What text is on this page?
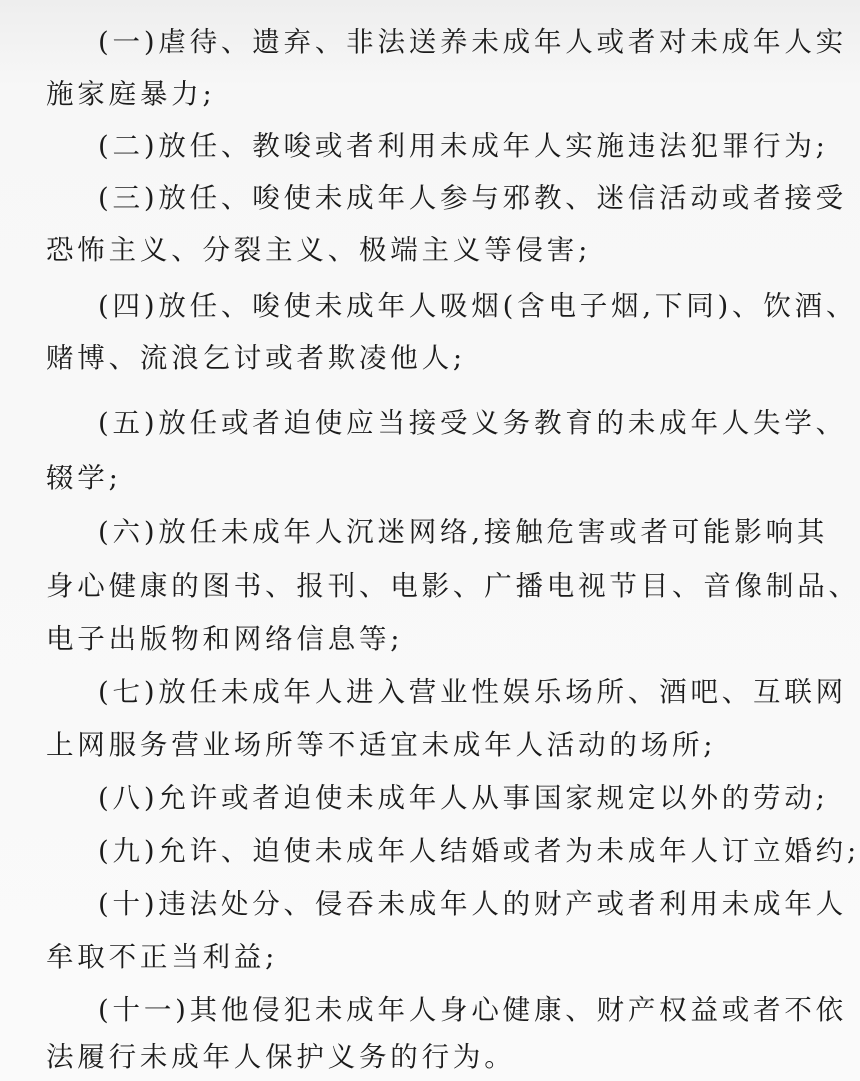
(一)虐待、遗弃、非法送养未成年人或者对未成年人实
施家庭暴力;
(二)放任、教唆或者利用未成年人实施违法犯罪行为;
(三)放任、唆使未成年人参与邪教、迷信活动或者接受
恐怖主义、分裂主义、极端主义等侵害;
(四)放任、唆使未成年人吸烟(含电子烟,下同)、饮酒、
赌博、流浪乞讨或者欺凌他人;
(五)放任或者迫使应当接受义务教育的未成年人失学、
辍学;
(六)放任未成年人沉迷网络,接触危害或者可能影响其
身心健康的图书、报刊、电影、广播电视节目、音像制品、
电子出版物和网络信息等;
(七)放任未成年人进入营业性娱乐场所、酒吧、互联网
上网服务营业场所等不适宜未成年人活动的场所;
(八)允许或者迫使未成年人从事国家规定以外的劳动;
(九)允许、迫使未成年人结婚或者为未成年人订立婚约;
(十)违法处分、侵吞未成年人的财产或者利用未成年人
牟取不正当利益;
(十一)其他侵犯未成年人身心健康、财产权益或者不依
法履行未成年人保护义务的行为。
